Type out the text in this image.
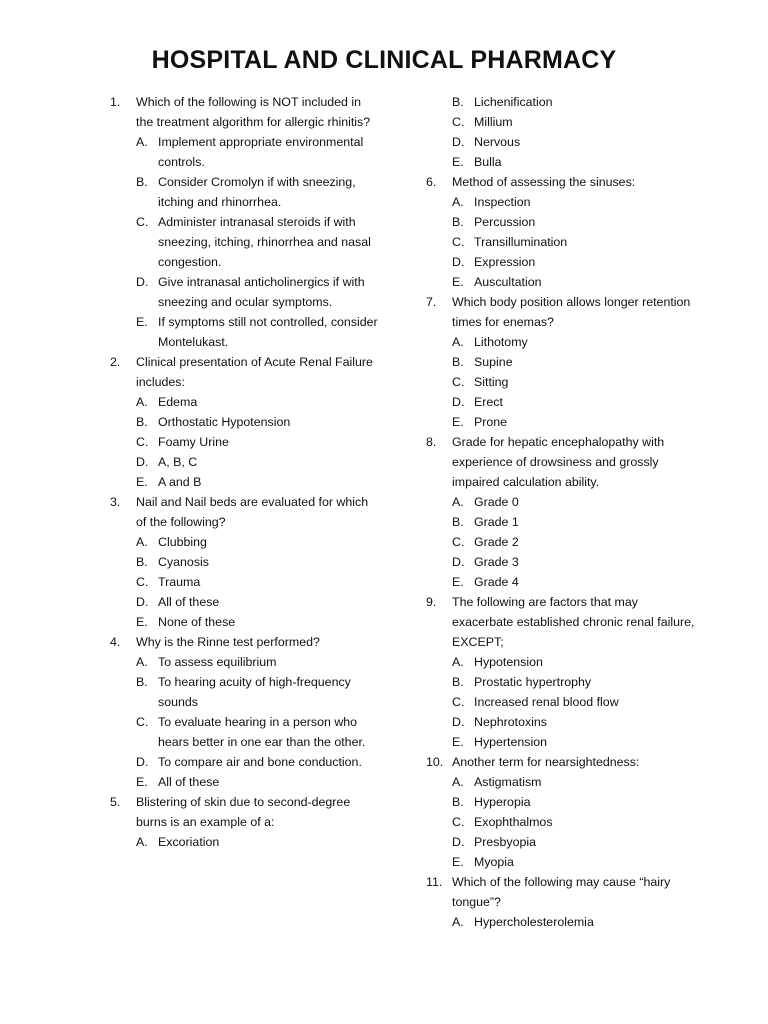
HOSPITAL AND CLINICAL PHARMACY
1. Which of the following is NOT included in the treatment algorithm for allergic rhinitis?
A. Implement appropriate environmental controls.
B. Consider Cromolyn if with sneezing, itching and rhinorrhea.
C. Administer intranasal steroids if with sneezing, itching, rhinorrhea and nasal congestion.
D. Give intranasal anticholinergics if with sneezing and ocular symptoms.
E. If symptoms still not controlled, consider Montelukast.
2. Clinical presentation of Acute Renal Failure includes:
A. Edema
B. Orthostatic Hypotension
C. Foamy Urine
D. A, B, C
E. A and B
3. Nail and Nail beds are evaluated for which of the following?
A. Clubbing
B. Cyanosis
C. Trauma
D. All of these
E. None of these
4. Why is the Rinne test performed?
A. To assess equilibrium
B. To hearing acuity of high-frequency sounds
C. To evaluate hearing in a person who hears better in one ear than the other.
D. To compare air and bone conduction.
E. All of these
5. Blistering of skin due to second-degree burns is an example of a:
A. Excoriation
B. Lichenification
C. Millium
D. Nervous
E. Bulla
6. Method of assessing the sinuses:
A. Inspection
B. Percussion
C. Transillumination
D. Expression
E. Auscultation
7. Which body position allows longer retention times for enemas?
A. Lithotomy
B. Supine
C. Sitting
D. Erect
E. Prone
8. Grade for hepatic encephalopathy with experience of drowsiness and grossly impaired calculation ability.
A. Grade 0
B. Grade 1
C. Grade 2
D. Grade 3
E. Grade 4
9. The following are factors that may exacerbate established chronic renal failure, EXCEPT;
A. Hypotension
B. Prostatic hypertrophy
C. Increased renal blood flow
D. Nephrotoxins
E. Hypertension
10. Another term for nearsightedness:
A. Astigmatism
B. Hyperopia
C. Exophthalmos
D. Presbyopia
E. Myopia
11. Which of the following may cause “hairy tongue”?
A. Hypercholesterolemia
